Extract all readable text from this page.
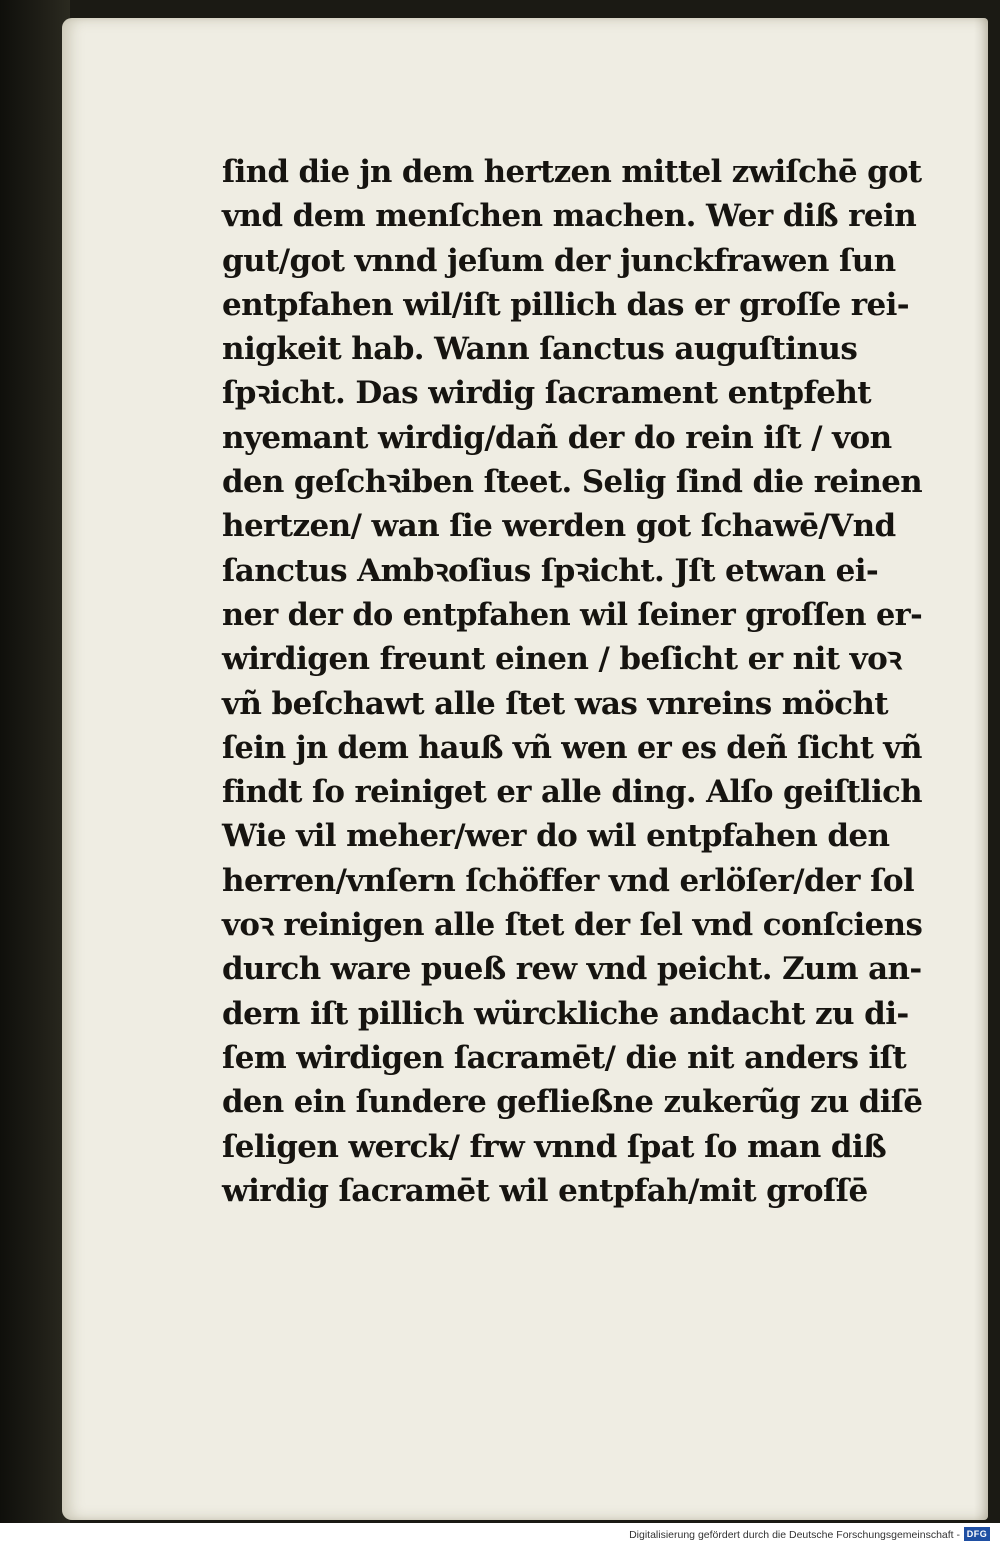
ſind die jn dem hertzen mittel zwiſchē got
vnd dem menſchen machen. Wer diß rein
gut/got vnnd jeſum der junckfrawen ſun
entpfahen wil/iſt pillich das er groſſe rei-
nigkeit hab. Wann ſanctus auguſtinus
ſpꝛicht. Das wirdig ſacrament entpfeht
nyemant wirdig/dañ der do rein iſt / von
den geſchꝛiben ſteet. Selig ſind die reinen
hertzen/ wan ſie werden got ſchawē/Vnd
ſanctus Ambꝛoſius ſpꝛicht. Jſt etwan ei-
ner der do entpfahen wil ſeiner groſſen er-
wirdigen freunt einen / beſicht er nit voꝛ
vñ beſchawt alle ſtet was vnreins möcht
ſein jn dem hauß vñ wen er es deñ ſicht vñ
findt ſo reiniget er alle ding. Alſo geiſtlich
Wie vil meher/wer do wil entpfahen den
herren/vnſern ſchöffer vnd erlöſer/der ſol
voꝛ reinigen alle ſtet der ſel vnd conſciens
durch ware pueß rew vnd peicht. Zum an-
dern iſt pillich würckliche andacht zu di-
ſem wirdigen ſacramēt/ die nit anders iſt
den ein ſundere gefließne zukerũg zu diſē
ſeligen werck/ frw vnnd ſpat ſo man diß
wirdig ſacramēt wil entpfah/mit groſſē
Digitalisierung gefördert durch die Deutsche Forschungsgemeinschaft - DFG
